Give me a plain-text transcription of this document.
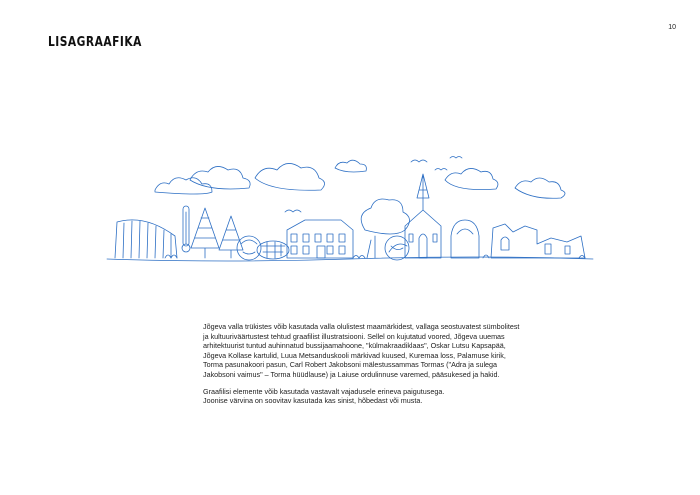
LISAGRAAFIKA
10

Jõgeva valla trükistes võib kasutada valla olulistest maamärkidest, vallaga seostuvatest sümbolitest
ja kultuuriväärtustest tehtud graafilist illustratsiooni. Sellel on kujutatud voored, Jõgeva uuemas
arhitektuurist tuntud auhinnatud bussijaamahoone, "külmakraadiklaas", Oskar Lutsu Kapsapää,
Jõgeva Kollase kartulid, Luua Metsanduskooli märkivad kuused, Kuremaa loss, Palamuse kirik,
Torma pasunakoori pasun, Carl Robert Jakobsoni mälestussammas Tormas ("Adra ja sulega
Jakobsoni vaimus" – Torma hüüdlause) ja Laiuse ordulinnuse varemed, pääsukesed ja hakid.

Graafilisi elemente võib kasutada vastavalt vajadusele erineva paigutusega.
Joonise värvina on soovitav kasutada kas sinist, hõbedast või musta.
